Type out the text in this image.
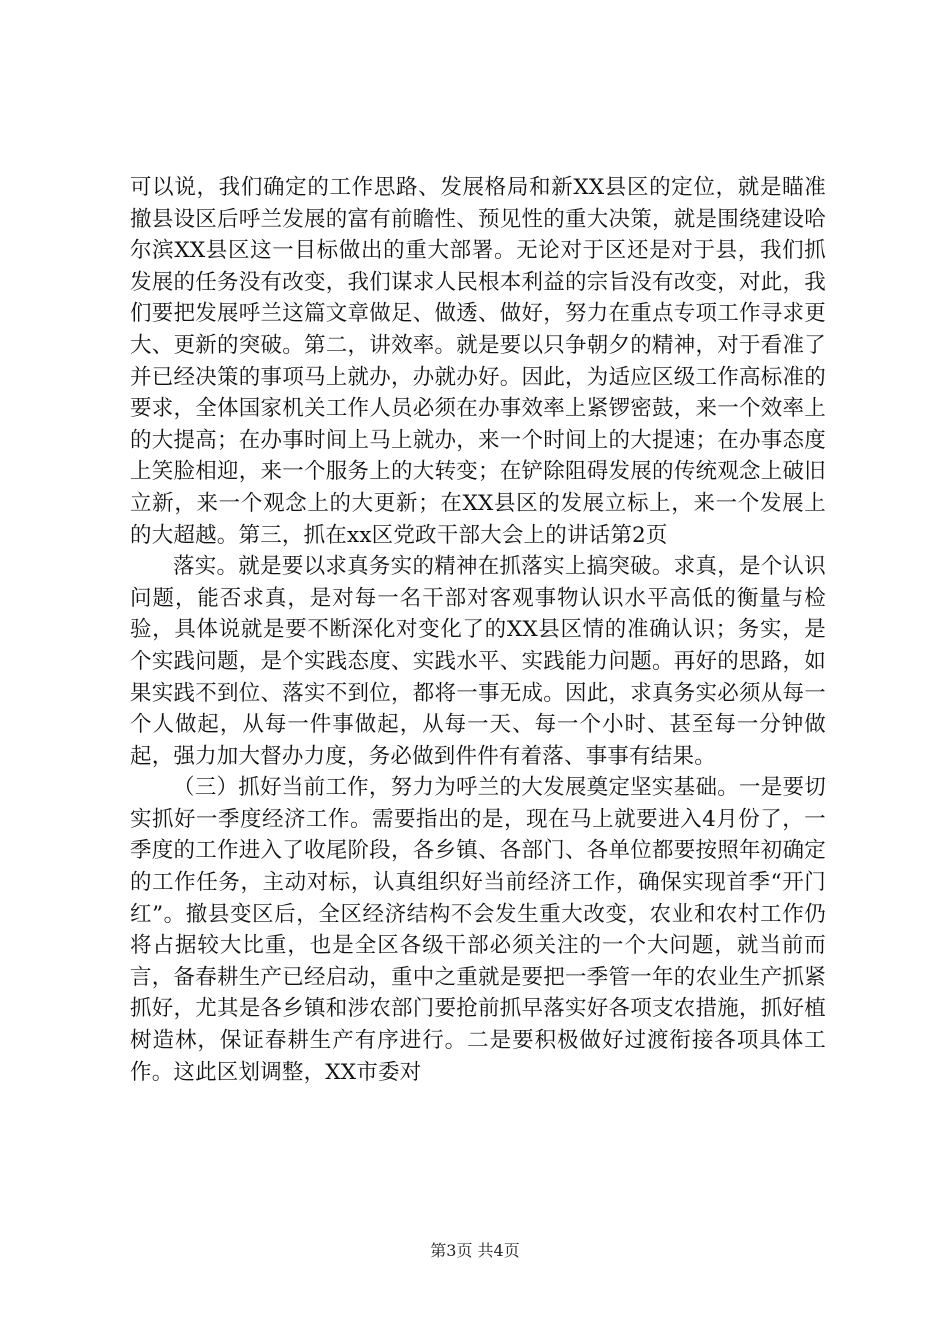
可以说，我们确定的工作思路、发展格局和新XX县区的定位，就是瞄准撤县设区后呼兰发展的富有前瞻性、预见性的重大决策，就是围绕建设哈尔滨XX县区这一目标做出的重大部署。无论对于区还是对于县，我们抓发展的任务没有改变，我们谋求人民根本利益的宗旨没有改变，对此，我们要把发展呼兰这篇文章做足、做透、做好，努力在重点专项工作寻求更大、更新的突破。第二，讲效率。就是要以只争朝夕的精神，对于看准了并已经决策的事项马上就办，办就办好。因此，为适应区级工作高标准的要求，全体国家机关工作人员必须在办事效率上紧锣密鼓，来一个效率上的大提高；在办事时间上马上就办，来一个时间上的大提速；在办事态度上笑脸相迎，来一个服务上的大转变；在铲除阻碍发展的传统观念上破旧立新，来一个观念上的大更新；在XX县区的发展立标上，来一个发展上的大超越。第三，抓在xx区党政干部大会上的讲话第2页

落实。就是要以求真务实的精神在抓落实上搞突破。求真，是个认识问题，能否求真，是对每一名干部对客观事物认识水平高低的衡量与检验，具体说就是要不断深化对变化了的XX县区情的准确认识；务实，是个实践问题，是个实践态度、实践水平、实践能力问题。再好的思路，如果实践不到位、落实不到位，都将一事无成。因此，求真务实必须从每一个人做起，从每一件事做起，从每一天、每一个小时、甚至每一分钟做起，强力加大督办力度，务必做到件件有着落、事事有结果。

（三）抓好当前工作，努力为呼兰的大发展奠定坚实基础。一是要切实抓好一季度经济工作。需要指出的是，现在马上就要进入4月份了，一季度的工作进入了收尾阶段，各乡镇、各部门、各单位都要按照年初确定的工作任务，主动对标，认真组织好当前经济工作，确保实现首季“开门红”。撤县变区后，全区经济结构不会发生重大改变，农业和农村工作仍将占据较大比重，也是全区各级干部必须关注的一个大问题，就当前而言，备春耕生产已经启动，重中之重就是要把一季管一年的农业生产抓紧抓好，尤其是各乡镇和涉农部门要抢前抓早落实好各项支农措施，抓好植树造林，保证春耕生产有序进行。二是要积极做好过渡衔接各项具体工作。这此区划调整，XX市委对

第3页 共4页
